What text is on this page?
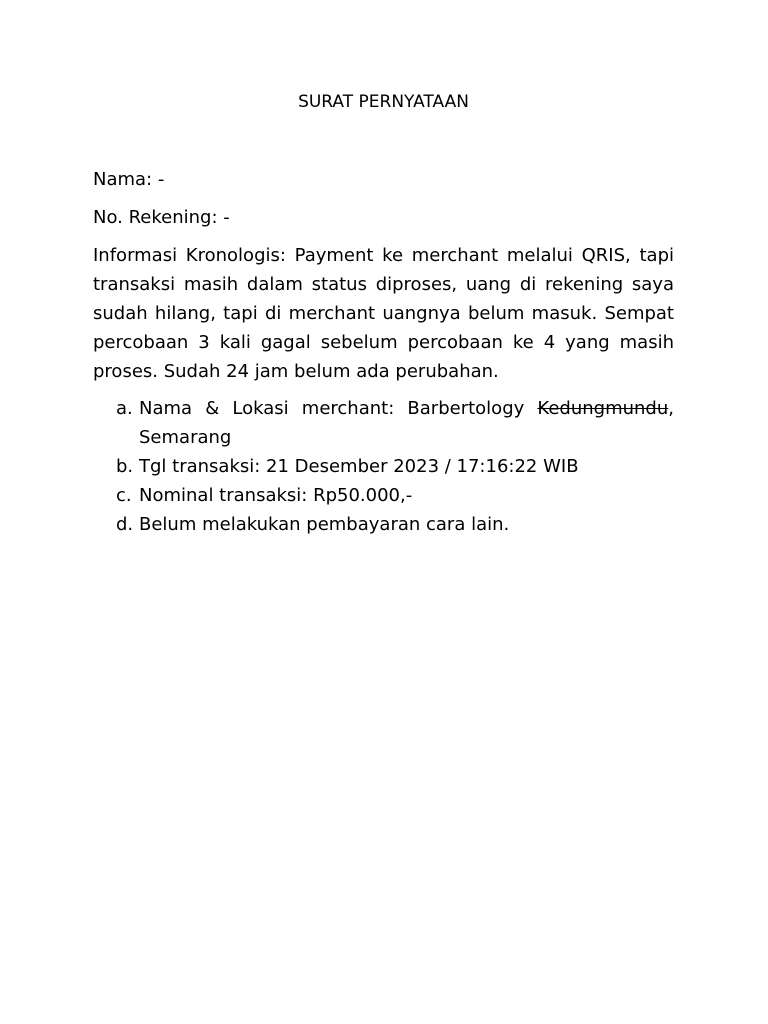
SURAT PERNYATAAN
Nama: -
No. Rekening: -
Informasi Kronologis: Payment ke merchant melalui QRIS, tapi transaksi masih dalam status diproses, uang di rekening saya sudah hilang, tapi di merchant uangnya belum masuk. Sempat percobaan 3 kali gagal sebelum percobaan ke 4 yang masih proses. Sudah 24 jam belum ada perubahan.
a. Nama & Lokasi merchant: Barbertology Kedungmundu, Semarang
b. Tgl transaksi: 21 Desember 2023 / 17:16:22 WIB
c. Nominal transaksi: Rp50.000,-
d. Belum melakukan pembayaran cara lain.
